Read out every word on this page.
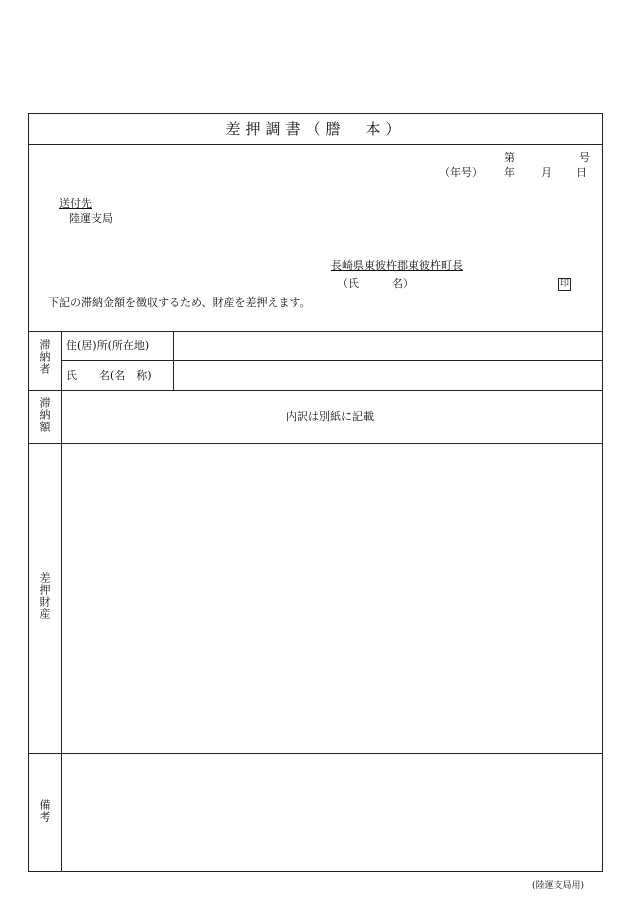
差押調書（謄　本）
第	号
（年号） 年 月 日
送付先
陸運支局
長崎県東彼杵郡東彼杵町長
（氏　　　名）	印
下記の滞納金額を徴収するため、財産を差押えます。
滞納者 住(居)所(所在地)
氏　　名(名　称)
滞納額	内訳は別紙に記載
差押財産
備考
(陸運支局用)
